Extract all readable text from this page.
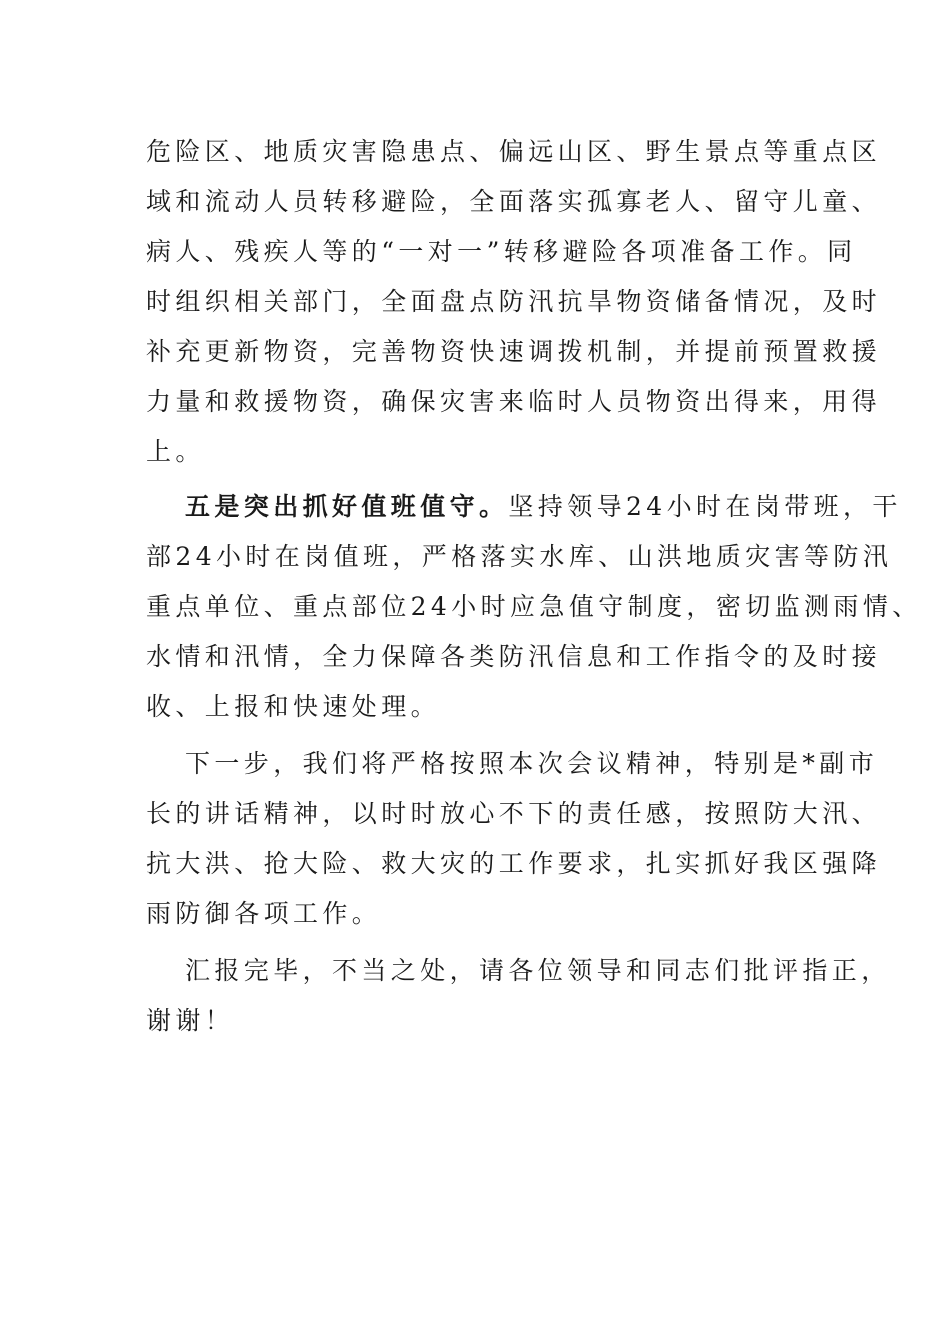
危险区、地质灾害隐患点、偏远山区、野生景点等重点区
域和流动人员转移避险，全面落实孤寡老人、留守儿童、
病人、残疾人等的“一对一”转移避险各项准备工作。同
时组织相关部门，全面盘点防汛抗旱物资储备情况，及时
补充更新物资，完善物资快速调拨机制，并提前预置救援
力量和救援物资，确保灾害来临时人员物资出得来，用得
上。
五是突出抓好值班值守。坚持领导24小时在岗带班，干
部24小时在岗值班，严格落实水库、山洪地质灾害等防汛
重点单位、重点部位24小时应急值守制度，密切监测雨情、
水情和汛情，全力保障各类防汛信息和工作指令的及时接
收、上报和快速处理。
下一步，我们将严格按照本次会议精神，特别是*副市
长的讲话精神，以时时放心不下的责任感，按照防大汛、
抗大洪、抢大险、救大灾的工作要求，扎实抓好我区强降
雨防御各项工作。
汇报完毕，不当之处，请各位领导和同志们批评指正，
谢谢！
